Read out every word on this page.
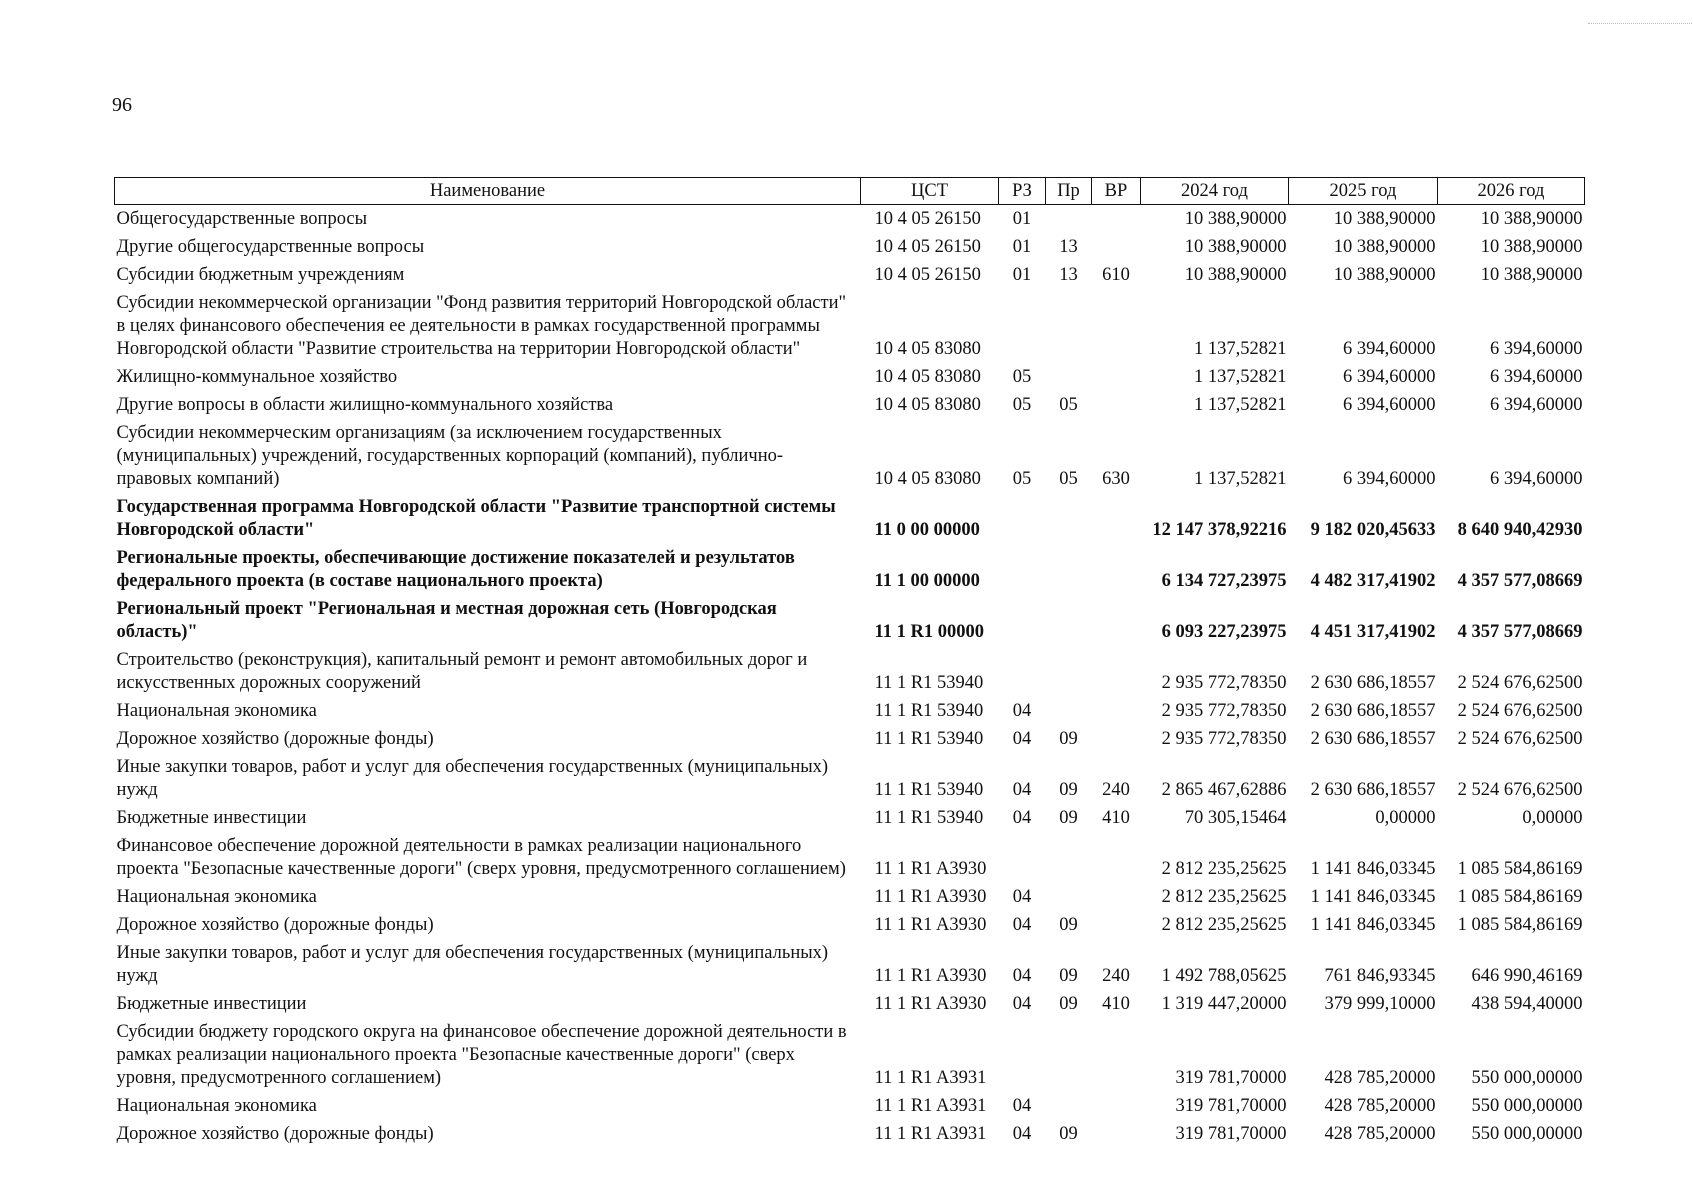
96
Наименование	ЦСТ	РЗ	Пр	ВР	2024 год	2025 год	2026 год
Общегосударственные вопросы	10 4 05 26150	01			10 388,90000	10 388,90000	10 388,90000
Другие общегосударственные вопросы	10 4 05 26150	01	13		10 388,90000	10 388,90000	10 388,90000
Субсидии бюджетным учреждениям	10 4 05 26150	01	13	610	10 388,90000	10 388,90000	10 388,90000
Субсидии некоммерческой организации "Фонд развития территорий Новгородской области" в целях финансового обеспечения ее деятельности в рамках государственной программы Новгородской области "Развитие строительства на территории Новгородской области"	10 4 05 83080				1 137,52821	6 394,60000	6 394,60000
Жилищно-коммунальное хозяйство	10 4 05 83080	05			1 137,52821	6 394,60000	6 394,60000
Другие вопросы в области жилищно-коммунального хозяйства	10 4 05 83080	05	05		1 137,52821	6 394,60000	6 394,60000
Субсидии некоммерческим организациям (за исключением государственных (муниципальных) учреждений, государственных корпораций (компаний), публично-правовых компаний)	10 4 05 83080	05	05	630	1 137,52821	6 394,60000	6 394,60000
Государственная программа Новгородской области "Развитие транспортной системы Новгородской области"	11 0 00 00000				12 147 378,92216	9 182 020,45633	8 640 940,42930
Региональные проекты, обеспечивающие достижение показателей и результатов федерального проекта (в составе национального проекта)	11 1 00 00000				6 134 727,23975	4 482 317,41902	4 357 577,08669
Региональный проект "Региональная и местная дорожная сеть (Новгородская область)"	11 1 R1 00000				6 093 227,23975	4 451 317,41902	4 357 577,08669
Строительство (реконструкция), капитальный ремонт и ремонт автомобильных дорог и искусственных дорожных сооружений	11 1 R1 53940				2 935 772,78350	2 630 686,18557	2 524 676,62500
Национальная экономика	11 1 R1 53940	04			2 935 772,78350	2 630 686,18557	2 524 676,62500
Дорожное хозяйство (дорожные фонды)	11 1 R1 53940	04	09		2 935 772,78350	2 630 686,18557	2 524 676,62500
Иные закупки товаров, работ и услуг для обеспечения государственных (муниципальных) нужд	11 1 R1 53940	04	09	240	2 865 467,62886	2 630 686,18557	2 524 676,62500
Бюджетные инвестиции	11 1 R1 53940	04	09	410	70 305,15464	0,00000	0,00000
Финансовое обеспечение дорожной деятельности в рамках реализации национального проекта "Безопасные качественные дороги" (сверх уровня, предусмотренного соглашением)	11 1 R1 A3930				2 812 235,25625	1 141 846,03345	1 085 584,86169
Национальная экономика	11 1 R1 A3930	04			2 812 235,25625	1 141 846,03345	1 085 584,86169
Дорожное хозяйство (дорожные фонды)	11 1 R1 A3930	04	09		2 812 235,25625	1 141 846,03345	1 085 584,86169
Иные закупки товаров, работ и услуг для обеспечения государственных (муниципальных) нужд	11 1 R1 A3930	04	09	240	1 492 788,05625	761 846,93345	646 990,46169
Бюджетные инвестиции	11 1 R1 A3930	04	09	410	1 319 447,20000	379 999,10000	438 594,40000
Субсидии бюджету городского округа на финансовое обеспечение дорожной деятельности в рамках реализации национального проекта "Безопасные качественные дороги" (сверх уровня, предусмотренного соглашением)	11 1 R1 A3931				319 781,70000	428 785,20000	550 000,00000
Национальная экономика	11 1 R1 A3931	04			319 781,70000	428 785,20000	550 000,00000
Дорожное хозяйство (дорожные фонды)	11 1 R1 A3931	04	09		319 781,70000	428 785,20000	550 000,00000
